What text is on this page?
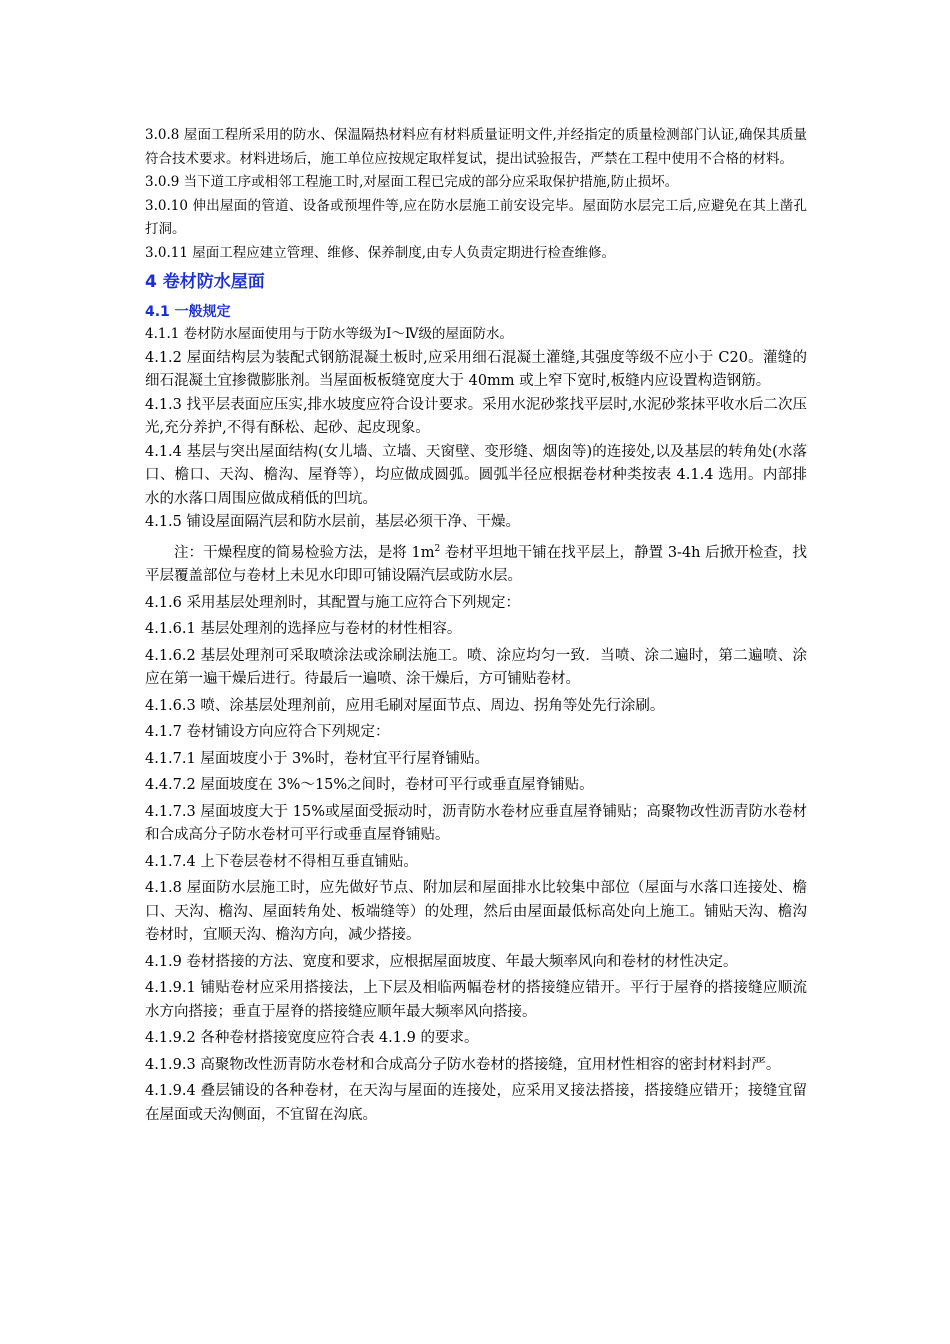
3.0.8 屋面工程所采用的防水、保温隔热材料应有材料质量证明文件,并经指定的质量检测部门认证,确保其质量符合技术要求。材料进场后，施工单位应按规定取样复试，提出试验报告，严禁在工程中使用不合格的材料。

3.0.9 当下道工序或相邻工程施工时,对屋面工程已完成的部分应采取保护措施,防止损坏。

3.0.10 伸出屋面的管道、设备或预埋件等,应在防水层施工前安设完毕。屋面防水层完工后,应避免在其上凿孔打洞。

3.0.11 屋面工程应建立管理、维修、保养制度,由专人负责定期进行检查维修。

4 卷材防水屋面
4.1 一般规定

4.1.1 卷材防水屋面使用与于防水等级为Ⅰ～Ⅳ级的屋面防水。

4.1.2 屋面结构层为装配式钢筋混凝土板时,应采用细石混凝土灌缝,其强度等级不应小于 C20。灌缝的细石混凝土宜掺微膨胀剂。当屋面板板缝宽度大于 40mm 或上窄下宽时,板缝内应设置构造钢筋。

4.1.3 找平层表面应压实,排水坡度应符合设计要求。采用水泥砂浆找平层时,水泥砂浆抹平收水后二次压光,充分养护,不得有酥松、起砂、起皮现象。

4.1.4 基层与突出屋面结构(女儿墙、立墙、天窗壁、变形缝、烟囱等)的连接处,以及基层的转角处(水落口、檐口、天沟、檐沟、屋脊等），均应做成圆弧。圆弧半径应根据卷材种类按表 4.1.4 选用。内部排水的水落口周围应做成稍低的凹坑。

4.1.5 铺设屋面隔汽层和防水层前，基层必须干净、干燥。

注：干燥程度的简易检验方法，是将 $1m^2$ 卷材平坦地干铺在找平层上，静置 3-4h 后掀开检查，找平层覆盖部位与卷材上未见水印即可铺设隔汽层或防水层。

4.1.6 采用基层处理剂时，其配置与施工应符合下列规定：

4.1.6.1 基层处理剂的选择应与卷材的材性相容。

4.1.6.2 基层处理剂可采取喷涂法或涂刷法施工。喷、涂应均匀一致．当喷、涂二遍时，第二遍喷、涂应在第一遍干燥后进行。待最后一遍喷、涂干燥后，方可铺贴卷材。

4.1.6.3 喷、涂基层处理剂前，应用毛刷对屋面节点、周边、拐角等处先行涂刷。

4.1.7 卷材铺设方向应符合下列规定：

4.1.7.1 屋面坡度小于 3%时，卷材宜平行屋脊铺贴。

4.4.7.2 屋面坡度在 3%～15%之间时，卷材可平行或垂直屋脊铺贴。

4.1.7.3 屋面坡度大于 15%或屋面受振动时，沥青防水卷材应垂直屋脊铺贴；高聚物改性沥青防水卷材和合成高分子防水卷材可平行或垂直屋脊铺贴。

4.1.7.4 上下卷层卷材不得相互垂直铺贴。

4.1.8 屋面防水层施工时，应先做好节点、附加层和屋面排水比较集中部位（屋面与水落口连接处、檐口、天沟、檐沟、屋面转角处、板端缝等）的处理，然后由屋面最低标高处向上施工。铺贴天沟、檐沟卷材时，宜顺天沟、檐沟方向，减少搭接。

4.1.9 卷材搭接的方法、宽度和要求，应根据屋面坡度、年最大频率风向和卷材的材性决定。

4.1.9.1 铺贴卷材应采用搭接法，上下层及相临两幅卷材的搭接缝应错开。平行于屋脊的搭接缝应顺流水方向搭接；垂直于屋脊的搭接缝应顺年最大频率风向搭接。

4.1.9.2 各种卷材搭接宽度应符合表 4.1.9 的要求。

4.1.9.3 高聚物改性沥青防水卷材和合成高分子防水卷材的搭接缝，宜用材性相容的密封材料封严。

4.1.9.4 叠层铺设的各种卷材，在天沟与屋面的连接处，应采用叉接法搭接，搭接缝应错开；接缝宜留在屋面或天沟侧面，不宜留在沟底。
